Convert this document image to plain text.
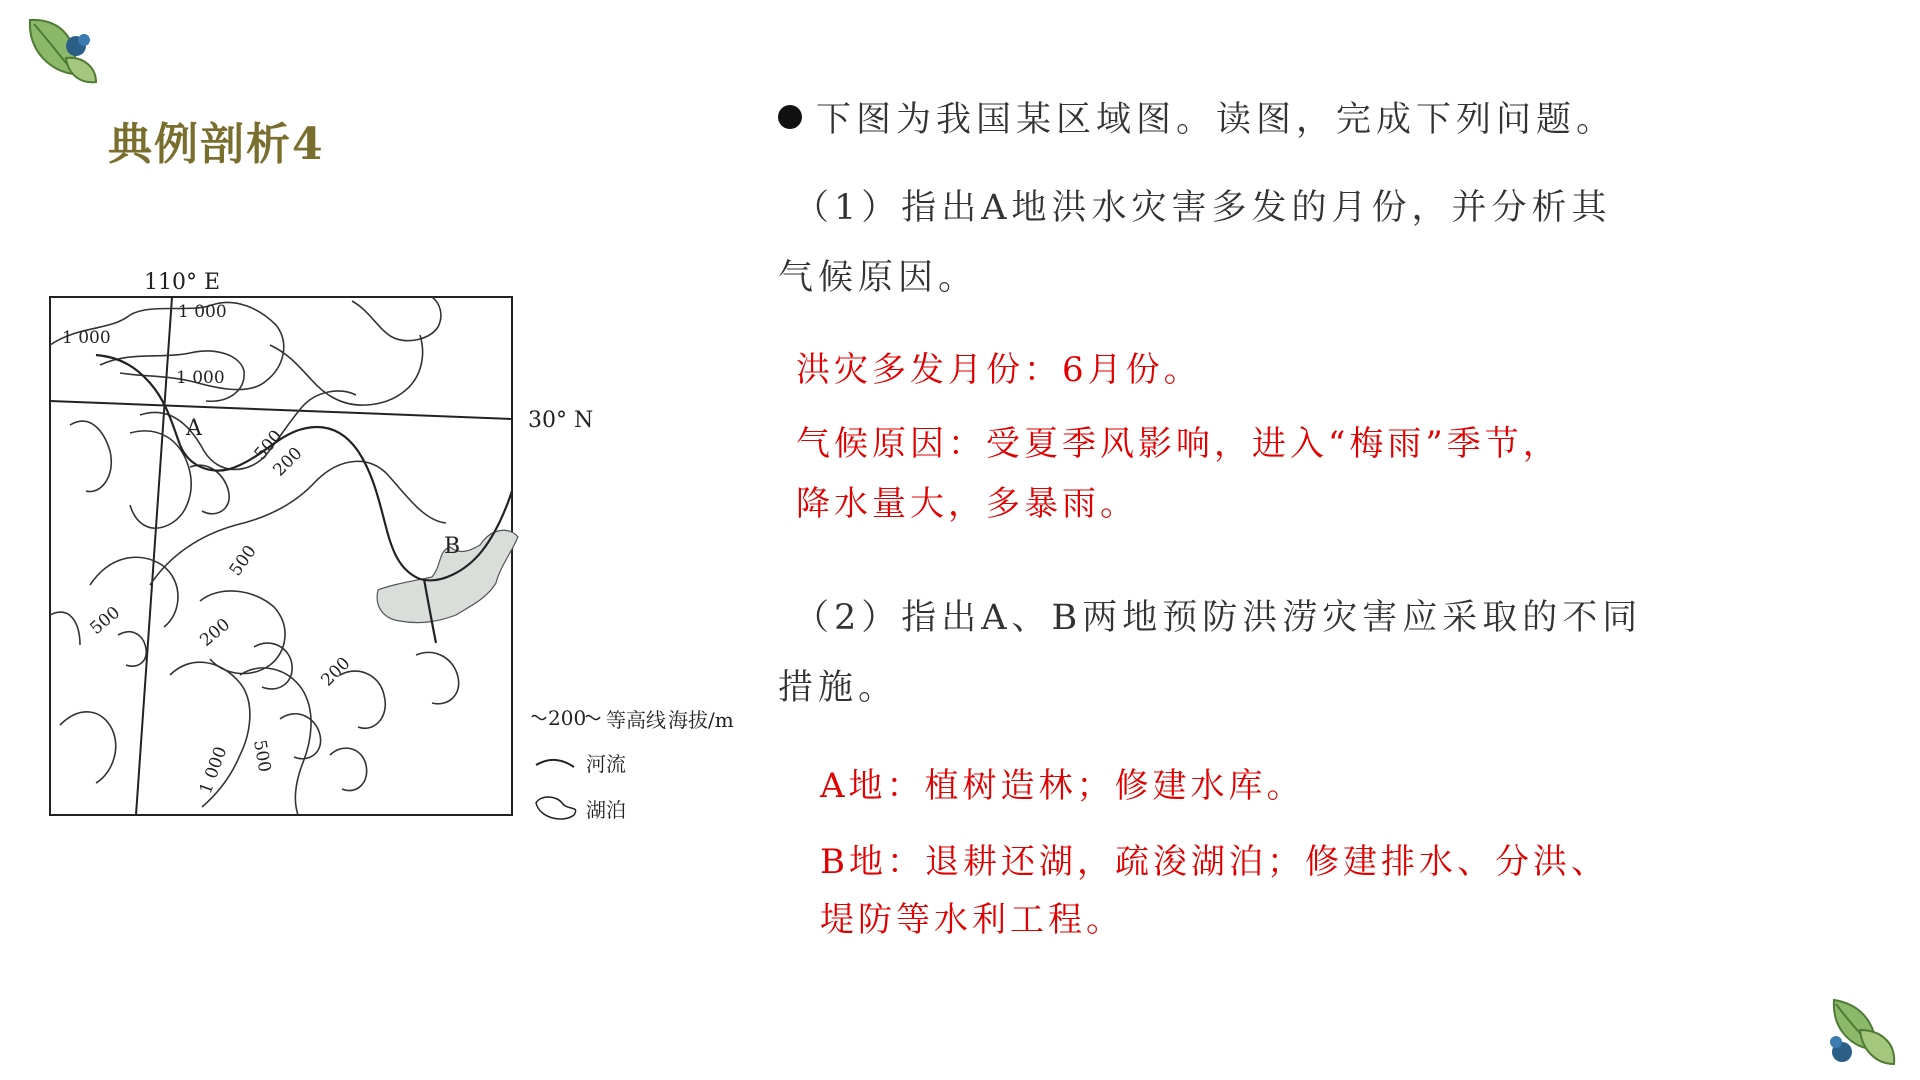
典例剖析4
110° E
30° N
1 000
1 000
1 000
1 000
500
500
500
500
200
200
200
A
B
200 等高线 海拔/m
河流
湖泊
下图为我国某区域图。读图，完成下列问题。
（1）指出A地洪水灾害多发的月份，并分析其
气候原因。
洪灾多发月份：6月份。
气候原因：受夏季风影响，进入“梅雨”季节，
降水量大，多暴雨。
（2）指出A、B两地预防洪涝灾害应采取的不同
措施。
A地：植树造林；修建水库。
B地：退耕还湖，疏浚湖泊；修建排水、分洪、
堤防等水利工程。
